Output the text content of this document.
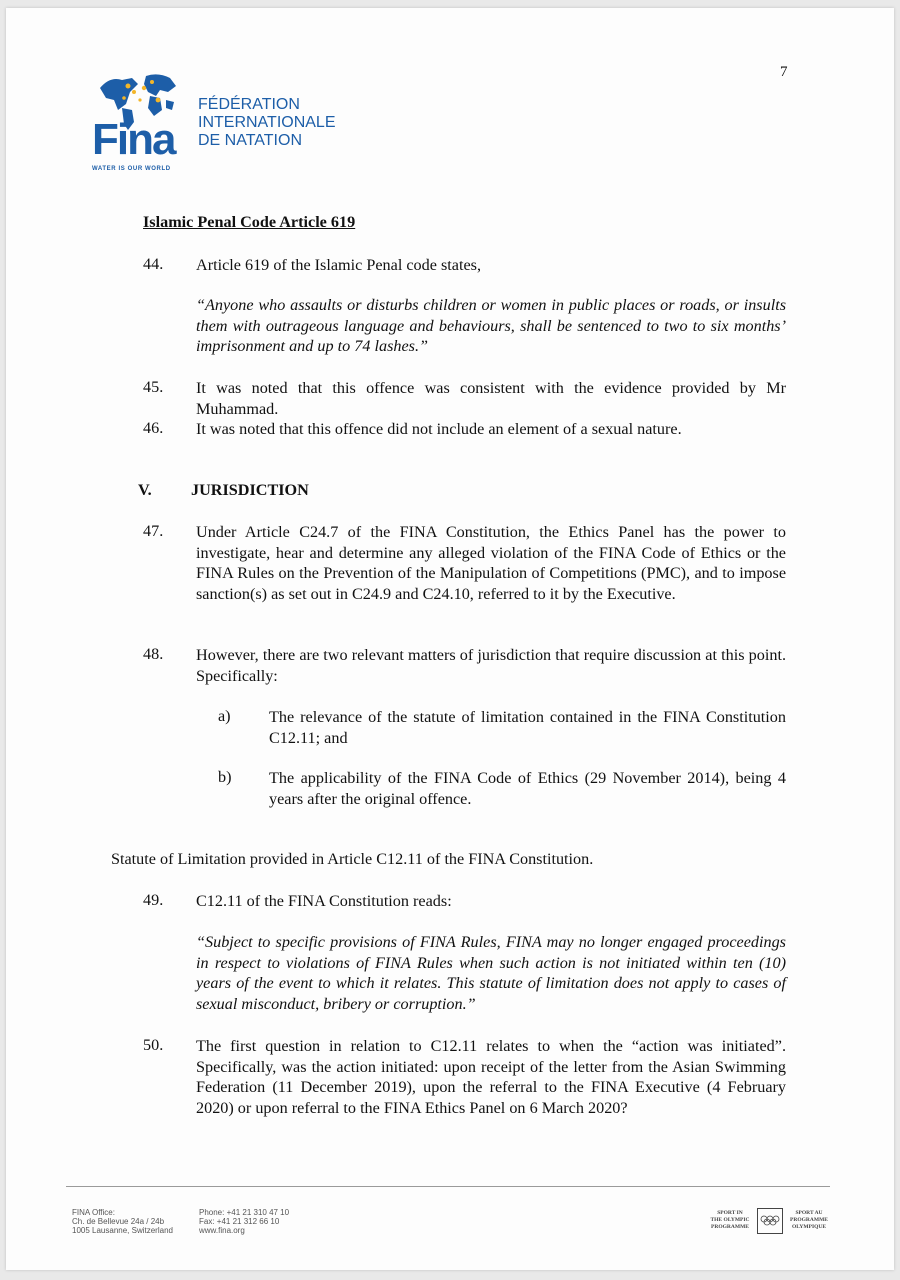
7
Fina
WATER IS OUR WORLD
FÉDÉRATION
INTERNATIONALE
DE NATATION
Islamic Penal Code Article 619
44. Article 619 of the Islamic Penal code states,
“Anyone who assaults or disturbs children or women in public places or roads, or insults them with outrageous language and behaviours, shall be sentenced to two to six months’ imprisonment and up to 74 lashes.”
45. It was noted that this offence was consistent with the evidence provided by Mr Muhammad.
46. It was noted that this offence did not include an element of a sexual nature.
V. JURISDICTION
47. Under Article C24.7 of the FINA Constitution, the Ethics Panel has the power to investigate, hear and determine any alleged violation of the FINA Code of Ethics or the FINA Rules on the Prevention of the Manipulation of Competitions (PMC), and to impose sanction(s) as set out in C24.9 and C24.10, referred to it by the Executive.
48. However, there are two relevant matters of jurisdiction that require discussion at this point. Specifically:
a) The relevance of the statute of limitation contained in the FINA Constitution C12.11; and
b) The applicability of the FINA Code of Ethics (29 November 2014), being 4 years after the original offence.
Statute of Limitation provided in Article C12.11 of the FINA Constitution.
49. C12.11 of the FINA Constitution reads:
“Subject to specific provisions of FINA Rules, FINA may no longer engaged proceedings in respect to violations of FINA Rules when such action is not initiated within ten (10) years of the event to which it relates. This statute of limitation does not apply to cases of sexual misconduct, bribery or corruption.”
50. The first question in relation to C12.11 relates to when the “action was initiated”. Specifically, was the action initiated: upon receipt of the letter from the Asian Swimming Federation (11 December 2019), upon the referral to the FINA Executive (4 February 2020) or upon referral to the FINA Ethics Panel on 6 March 2020?
FINA Office:
Ch. de Bellevue 24a / 24b
1005 Lausanne, Switzerland
Phone: +41 21 310 47 10
Fax: +41 21 312 66 10
www.fina.org
SPORT IN
THE OLYMPIC
PROGRAMME
SPORT AU
PROGRAMME
OLYMPIQUE
